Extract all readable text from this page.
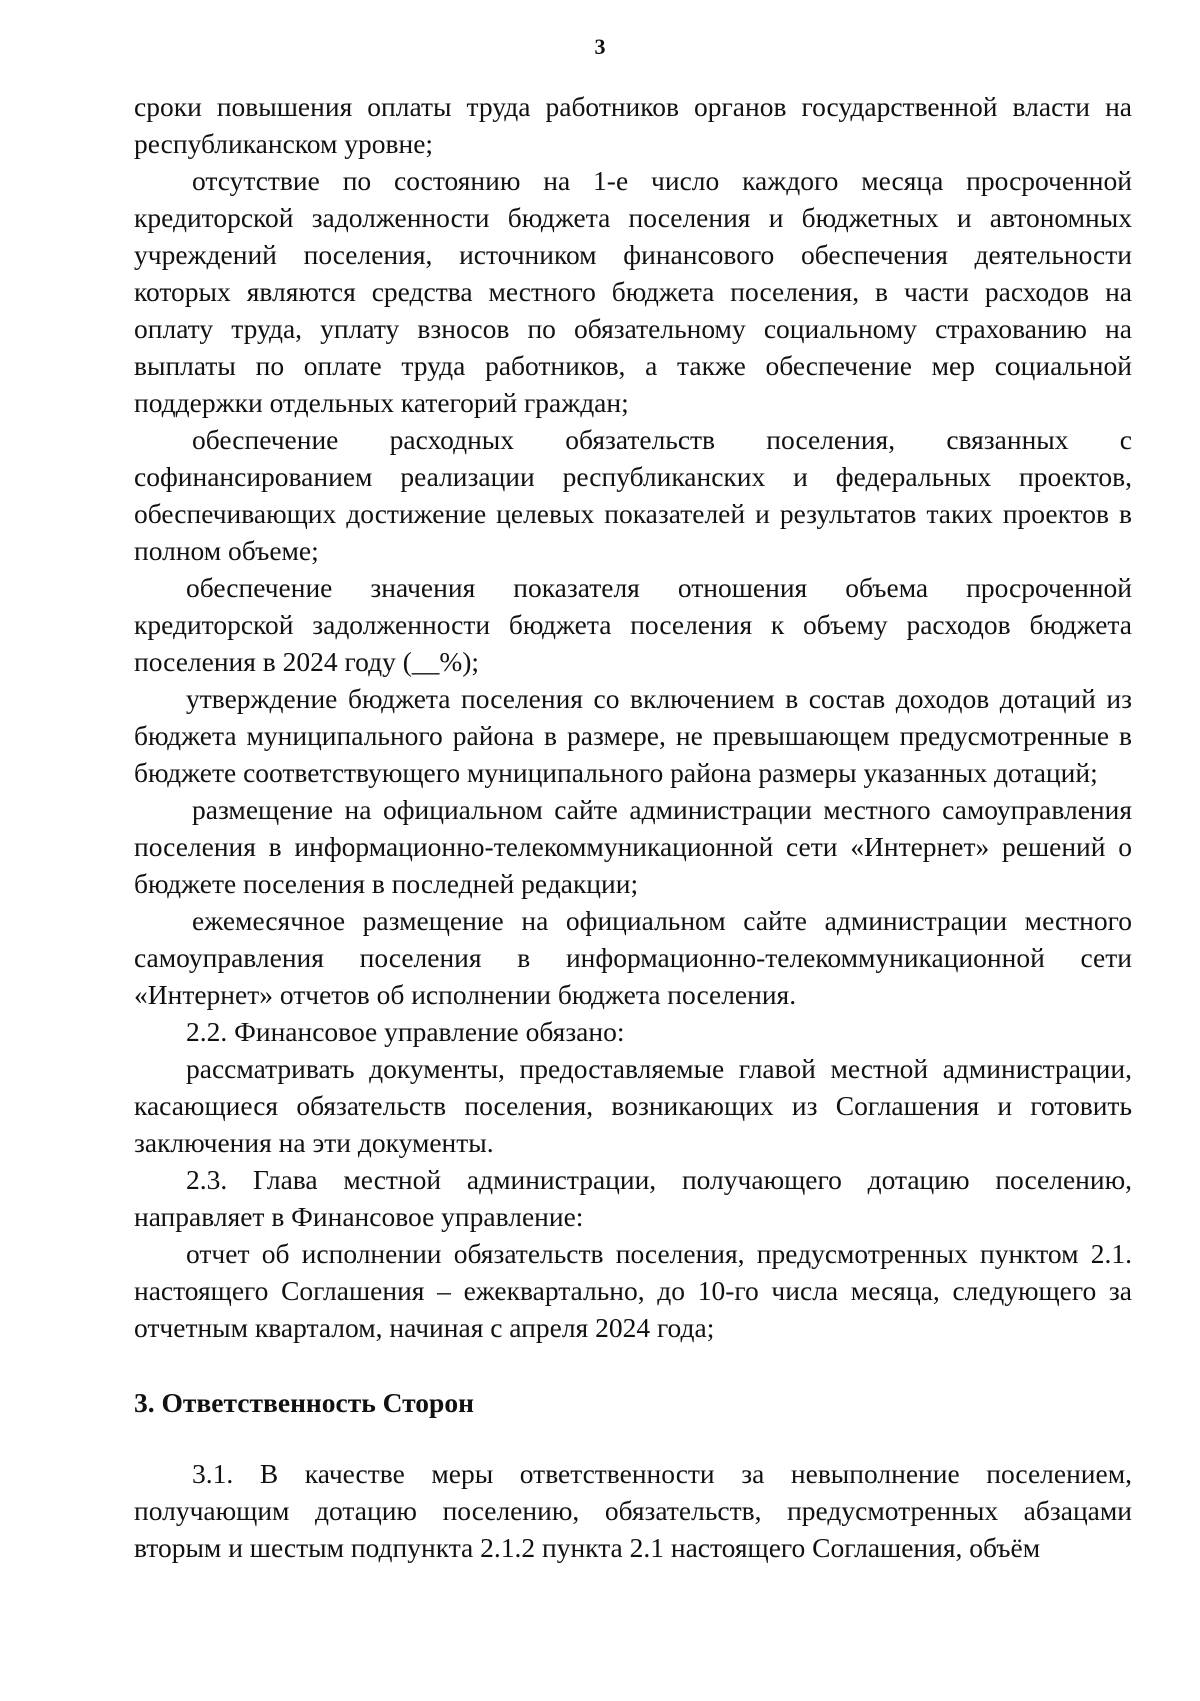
3

сроки повышения оплаты труда работников органов государственной власти на республиканском уровне;

отсутствие по состоянию на 1-е число каждого месяца просроченной кредиторской задолженности бюджета поселения и бюджетных и автономных учреждений поселения, источником финансового обеспечения деятельности которых являются средства местного бюджета поселения, в части расходов на оплату труда, уплату взносов по обязательному социальному страхованию на выплаты по оплате труда работников, а также обеспечение мер социальной поддержки отдельных категорий граждан;

обеспечение расходных обязательств поселения, связанных с софинансированием реализации республиканских и федеральных проектов, обеспечивающих достижение целевых показателей и результатов таких проектов в полном объеме;

обеспечение значения показателя отношения объема просроченной кредиторской задолженности бюджета поселения к объему расходов бюджета поселения в 2024 году (__%);

утверждение бюджета поселения со включением в состав доходов дотаций из бюджета муниципального района в размере, не превышающем предусмотренные в бюджете соответствующего муниципального района размеры указанных дотаций;

размещение на официальном сайте администрации местного самоуправления поселения в информационно-телекоммуникационной сети «Интернет» решений о бюджете поселения в последней редакции;

ежемесячное размещение на официальном сайте администрации местного самоуправления поселения в информационно-телекоммуникационной сети «Интернет» отчетов об исполнении бюджета поселения.

2.2. Финансовое управление обязано:

рассматривать документы, предоставляемые главой местной администрации, касающиеся обязательств поселения, возникающих из Соглашения и готовить заключения на эти документы.

2.3. Глава местной администрации, получающего дотацию поселению, направляет в Финансовое управление:

отчет об исполнении обязательств поселения, предусмотренных пунктом 2.1. настоящего Соглашения – ежеквартально, до 10-го числа месяца, следующего за отчетным кварталом, начиная с апреля 2024 года;

3. Ответственность Сторон

3.1. В качестве меры ответственности за невыполнение поселением, получающим дотацию поселению, обязательств, предусмотренных абзацами вторым и шестым подпункта 2.1.2 пункта 2.1 настоящего Соглашения, объём
